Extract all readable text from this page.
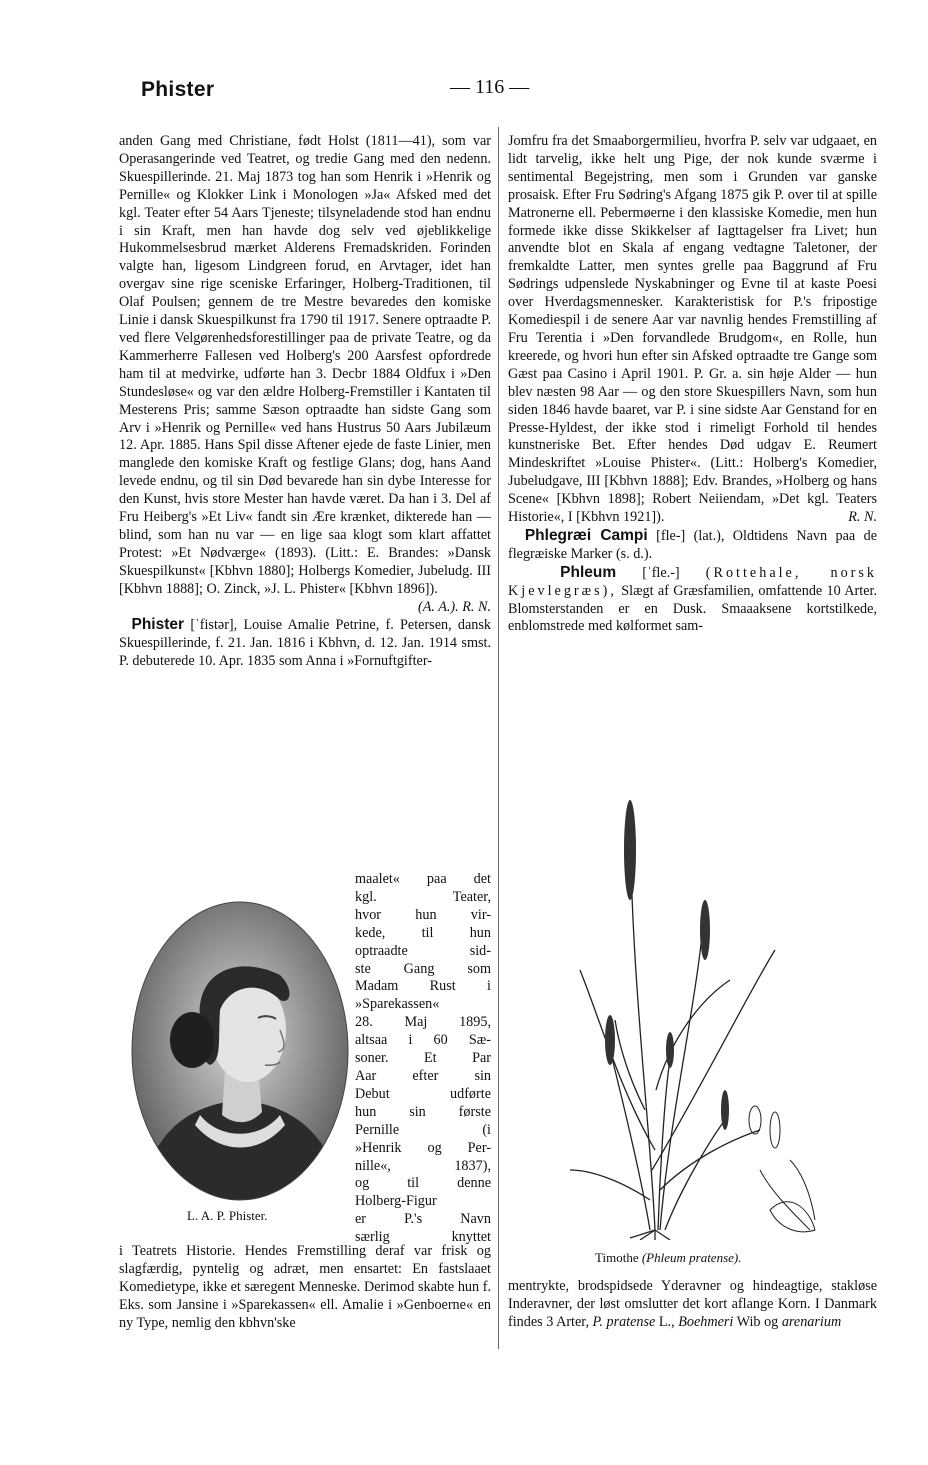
Phister	— 116 —

anden Gang med Christiane, født Holst (1811—41), som var Operasangerinde ved Teatret, og tredie Gang med den nedenn. Skuespillerinde. 21. Maj 1873 tog han som Henrik i »Henrik og Pernille« og Klokker Link i Monologen »Ja« Afsked med det kgl. Teater efter 54 Aars Tjeneste; tilsyneladende stod han endnu i sin Kraft, men han havde dog selv ved øjeblikkelige Hukommelsesbrud mærket Alderens Fremadskriden. Forinden valgte han, ligesom Lindgreen forud, en Arvtager, idet han overgav sine rige sceniske Erfaringer, Holberg-Traditionen, til Olaf Poulsen; gennem de tre Mestre bevaredes den komiske Linie i dansk Skuespilkunst fra 1790 til 1917. Senere optraadte P. ved flere Velgørenhedsforestillinger paa de private Teatre, og da Kammerherre Fallesen ved Holberg's 200 Aarsfest opfordrede ham til at medvirke, udførte han 3. Decbr 1884 Oldfux i »Den Stundesløse« og var den ældre Holberg-Fremstiller i Kantaten til Mesterens Pris; samme Sæson optraadte han sidste Gang som Arv i »Henrik og Pernille« ved hans Hustrus 50 Aars Jubilæum 12. Apr. 1885. Hans Spil disse Aftener ejede de faste Linier, men manglede den komiske Kraft og festlige Glans; dog, hans Aand levede endnu, og til sin Død bevarede han sin dybe Interesse for den Kunst, hvis store Mester han havde været. Da han i 3. Del af Fru Heiberg's »Et Liv« fandt sin Ære krænket, dikterede han — blind, som han nu var — en lige saa klogt som klart affattet Protest: »Et Nødværge« (1893). (Litt.: E. Brandes: »Dansk Skuespilkunst« [Kbhvn 1880]; Holbergs Komedier, Jubeludg. III [Kbhvn 1888]; O. Zinck, »J. L. Phister« [Kbhvn 1896]).
(A. A.). R. N.

Phister [ˈfistər], Louise Amalie Petrine, f. Petersen, dansk Skuespillerinde, f. 21. Jan. 1816 i Kbhvn, d. 12. Jan. 1914 smst. P. debuterede 10. Apr. 1835 som Anna i »Fornuftgifter-

maalet« paa det
kgl. Teater,
hvor hun vir-
kede, til hun
optraadte sid-
ste Gang som
Madam Rust i
»Sparekassen«
28. Maj 1895,
altsaa i 60 Sæ-
soner. Et Par
Aar efter sin
Debut udførte
hun sin første
Pernille (i
»Henrik og Per-
nille«, 1837),
og til denne
Holberg-Figur
er P.'s Navn
særlig knyttet
L. A. P. Phister.
i Teatrets Historie. Hendes Fremstilling deraf var frisk og slagfærdig, pyntelig og adræt, men ensartet: En fastslaaet Komedietype, ikke et særegent Menneske. Derimod skabte hun f. Eks. som Jansine i »Sparekassen« ell. Amalie i »Genboerne« en ny Type, nemlig den kbhvn'ske

Jomfru fra det Smaaborgermilieu, hvorfra P. selv var udgaaet, en lidt tarvelig, ikke helt ung Pige, der nok kunde sværme i sentimental Begejstring, men som i Grunden var ganske prosaisk. Efter Fru Sødring's Afgang 1875 gik P. over til at spille Matronerne ell. Pebermøerne i den klassiske Komedie, men hun formede ikke disse Skikkelser af Iagttagelser fra Livet; hun anvendte blot en Skala af engang vedtagne Taletoner, der fremkaldte Latter, men syntes grelle paa Baggrund af Fru Sødrings udpenslede Nyskabninger og Evne til at kaste Poesi over Hverdagsmennesker. Karakteristisk for P.'s fripostige Komediespil i de senere Aar var navnlig hendes Fremstilling af Fru Terentia i »Den forvandlede Brudgom«, en Rolle, hun kreerede, og hvori hun efter sin Afsked optraadte tre Gange som Gæst paa Casino i April 1901. P. Gr. a. sin høje Alder — hun blev næsten 98 Aar — og den store Skuespillers Navn, som hun siden 1846 havde baaret, var P. i sine sidste Aar Genstand for en Presse-Hyldest, der ikke stod i rimeligt Forhold til hendes kunstneriske Bet. Efter hendes Død udgav E. Reumert Mindeskriftet »Louise Phister«. (Litt.: Holberg's Komedier, Jubeludgave, III [Kbhvn 1888]; Edv. Brandes, »Holberg og hans Scene« [Kbhvn 1898]; Robert Neiiendam, »Det kgl. Teaters Historie«, I [Kbhvn 1921]).	R. N.

Phlegræi Campi [fle-] (lat.), Oldtidens Navn paa de flegræiske Marker (s. d.).

Phleum [ˈfle.-] (Rottehale, norsk Kjevlegræs), Slægt af Græsfamilien, omfattende 10 Arter. Blomsterstanden er en Dusk. Smaaaksene kortstilkede, enblomstrede med kølformet sam-

Timothe (Phleum pratense).
mentrykte, brodspidsede Yderavner og hindeagtige, stakløse Inderavner, der løst omslutter det kort aflange Korn. I Danmark findes 3 Arter, P. pratense L., Boehmeri Wib og arenarium
